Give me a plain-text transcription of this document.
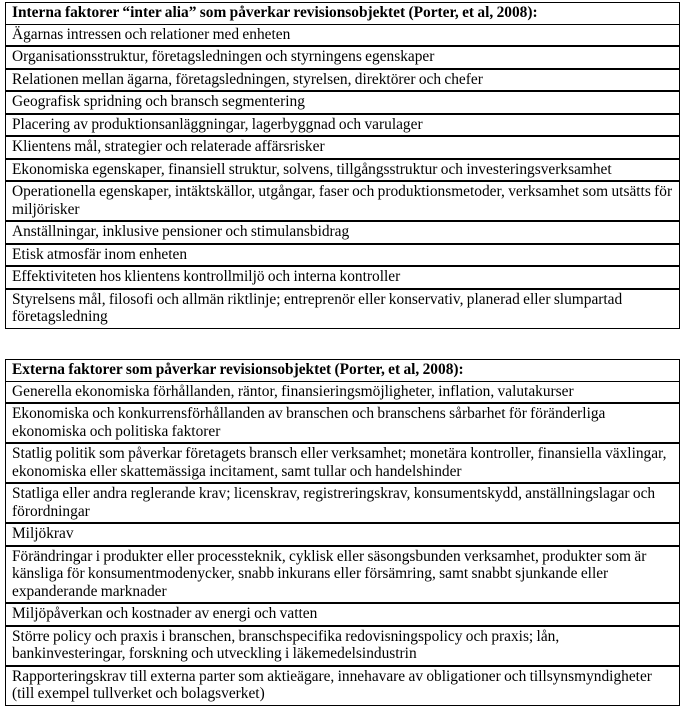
Interna faktorer “inter alia” som påverkar revisionsobjektet (Porter, et al, 2008):
Ägarnas intressen och relationer med enheten
Organisationsstruktur, företagsledningen och styrningens egenskaper
Relationen mellan ägarna, företagsledningen, styrelsen, direktörer och chefer
Geografisk spridning och bransch segmentering
Placering av produktionsanläggningar, lagerbyggnad och varulager
Klientens mål, strategier och relaterade affärsrisker
Ekonomiska egenskaper, finansiell struktur, solvens, tillgångsstruktur och investeringsverksamhet
Operationella egenskaper, intäktskällor, utgångar, faser och produktionsmetoder, verksamhet som utsätts för miljörisker
Anställningar, inklusive pensioner och stimulansbidrag
Etisk atmosfär inom enheten
Effektiviteten hos klientens kontrollmiljö och interna kontroller
Styrelsens mål, filosofi och allmän riktlinje; entreprenör eller konservativ, planerad eller slumpartad företagsledning
Externa faktorer som påverkar revisionsobjektet (Porter, et al, 2008):
Generella ekonomiska förhållanden, räntor, finansieringsmöjligheter, inflation, valutakurser
Ekonomiska och konkurrensförhållanden av branschen och branschens sårbarhet för föränderliga ekonomiska och politiska faktorer
Statlig politik som påverkar företagets bransch eller verksamhet; monetära kontroller, finansiella växlingar, ekonomiska eller skattemässiga incitament, samt tullar och handelshinder
Statliga eller andra reglerande krav; licenskrav, registreringskrav, konsumentskydd, anställningslagar och förordningar
Miljökrav
Förändringar i produkter eller processteknik, cyklisk eller säsongsbunden verksamhet, produkter som är känsliga för konsumentmodenycker, snabb inkurans eller försämring, samt snabbt sjunkande eller expanderande marknader
Miljöpåverkan och kostnader av energi och vatten
Större policy och praxis i branschen, branschspecifika redovisningspolicy och praxis; lån, bankinvesteringar, forskning och utveckling i läkemedelsindustrin
Rapporteringskrav till externa parter som aktieägare, innehavare av obligationer och tillsynsmyndigheter (till exempel tullverket och bolagsverket)
